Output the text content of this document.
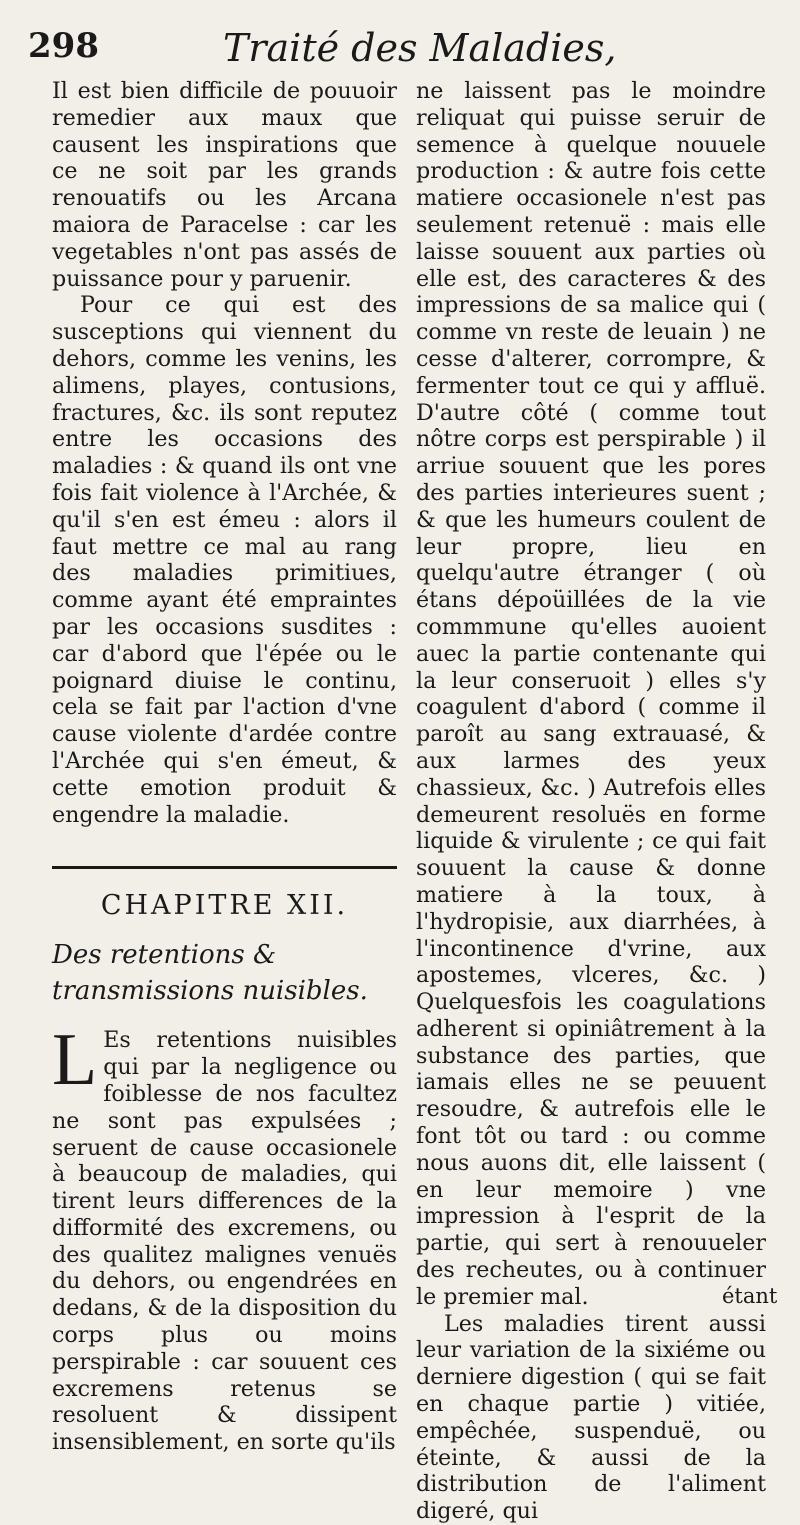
298	Traité des Maladies,

Il est bien difficile de pouuoir remedier aux maux que causent les inspirations que ce ne soit par les grands renouatifs ou les Arcana maiora de Paracelse : car les vegetables n'ont pas assés de puissance pour y paruenir.

Pour ce qui est des susceptions qui viennent du dehors, comme les venins, les alimens, playes, contusions, fractures, &c. ils sont reputez entre les occasions des maladies : & quand ils ont vne fois fait violence à l'Archée, & qu'il s'en est émeu : alors il faut mettre ce mal au rang des maladies primitiues, comme ayant été empraintes par les occasions susdites : car d'abord que l'épée ou le poignard diuise le continu, cela se fait par l'action d'vne cause violente d'ardée contre l'Archée qui s'en émeut, & cette emotion produit & engendre la maladie.

CHAPITRE XII.
Des retentions & transmissions nuisibles.

L Es retentions nuisibles qui par la negligence ou foiblesse de nos facultez ne sont pas expulsées ; seruent de cause occasionele à beaucoup de maladies, qui tirent leurs differences de la difformité des excremens, ou des qualitez malignes venuës du dehors, ou engendrées en dedans, & de la disposition du corps plus ou moins perspirable : car souuent ces excremens retenus se resoluent & dissipent insensiblement, en sorte qu'ils

ne laissent pas le moindre reliquat qui puisse seruir de semence à quelque nouuele production : & autre fois cette matiere occasionele n'est pas seulement retenuë : mais elle laisse souuent aux parties où elle est, des caracteres & des impressions de sa malice qui ( comme vn reste de leuain ) ne cesse d'alterer, corrompre, & fermenter tout ce qui y affluë. D'autre côté ( comme tout nôtre corps est perspirable ) il arriue souuent que les pores des parties interieures suent ; & que les humeurs coulent de leur propre, lieu en quelqu'autre étranger ( où étans dépoüillées de la vie commmune qu'elles auoient auec la partie contenante qui la leur conseruoit ) elles s'y coagulent d'abord ( comme il paroît au sang extrauasé, & aux larmes des yeux chassieux, &c. ) Autrefois elles demeurent resoluës en forme liquide & virulente ; ce qui fait souuent la cause & donne matiere à la toux, à l'hydropisie, aux diarrhées, à l'incontinence d'vrine, aux apostemes, vlceres, &c. ) Quelquesfois les coagulations adherent si opiniâtrement à la substance des parties, que iamais elles ne se peuuent resoudre, & autrefois elle le font tôt ou tard : ou comme nous auons dit, elle laissent ( en leur memoire ) vne impression à l'esprit de la partie, qui sert à renouueler des recheutes, ou à continuer le premier mal.

Les maladies tirent aussi leur variation de la sixiéme ou derniere digestion ( qui se fait en chaque partie ) vitiée, empêchée, suspenduë, ou éteinte, & aussi de la distribution de l'aliment digeré, qui

étant
